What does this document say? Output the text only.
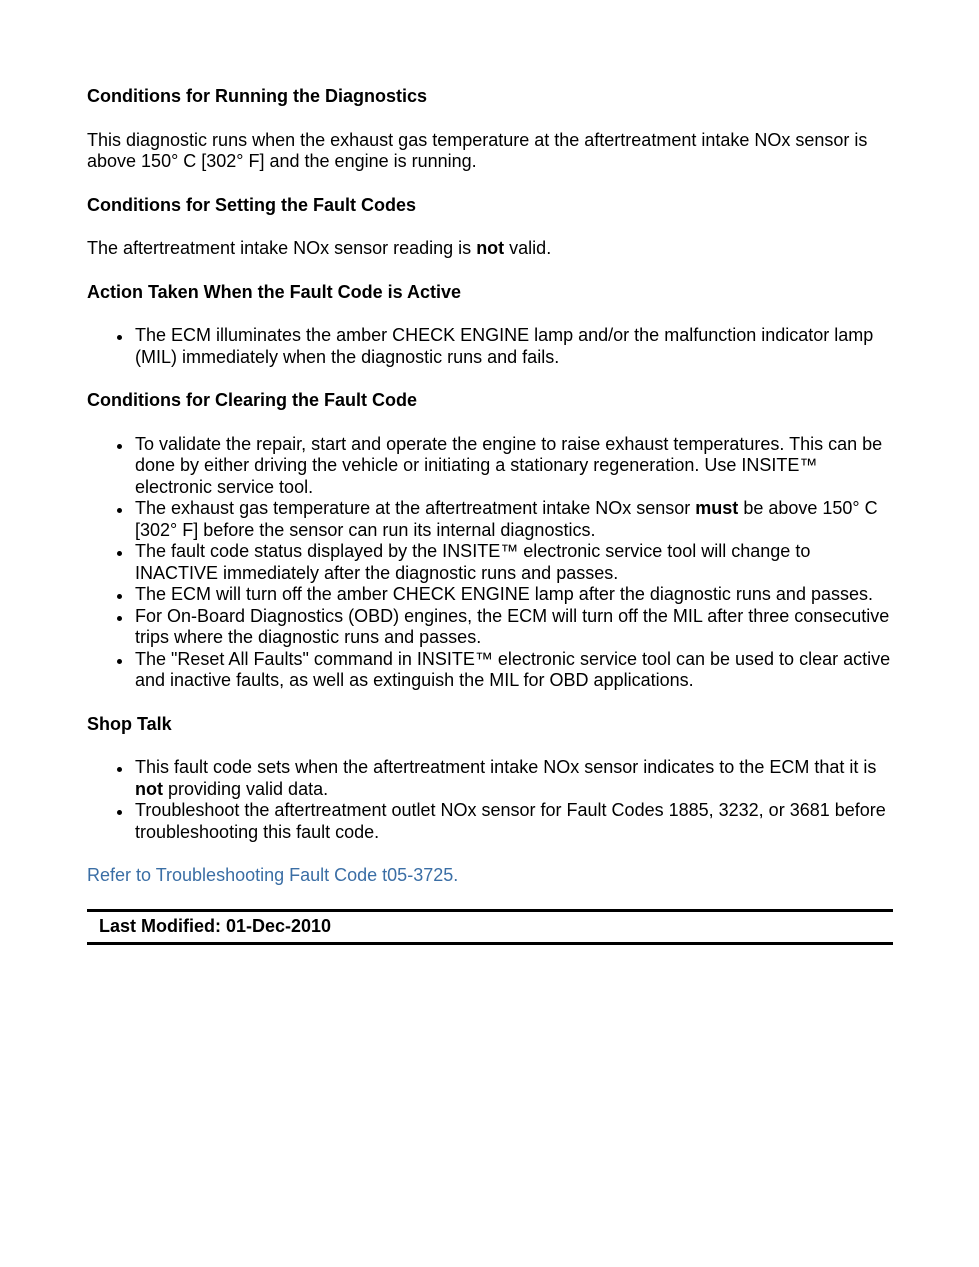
Conditions for Running the Diagnostics

This diagnostic runs when the exhaust gas temperature at the aftertreatment intake NOx sensor is above 150° C [302° F] and the engine is running.

Conditions for Setting the Fault Codes

The aftertreatment intake NOx sensor reading is not valid.

Action Taken When the Fault Code is Active
The ECM illuminates the amber CHECK ENGINE lamp and/or the malfunction indicator lamp (MIL) immediately when the diagnostic runs and fails.
Conditions for Clearing the Fault Code
To validate the repair, start and operate the engine to raise exhaust temperatures. This can be done by either driving the vehicle or initiating a stationary regeneration. Use INSITE™ electronic service tool.
The exhaust gas temperature at the aftertreatment intake NOx sensor must be above 150° C [302° F] before the sensor can run its internal diagnostics.
The fault code status displayed by the INSITE™ electronic service tool will change to INACTIVE immediately after the diagnostic runs and passes.
The ECM will turn off the amber CHECK ENGINE lamp after the diagnostic runs and passes.
For On-Board Diagnostics (OBD) engines, the ECM will turn off the MIL after three consecutive trips where the diagnostic runs and passes.
The "Reset All Faults" command in INSITE™ electronic service tool can be used to clear active and inactive faults, as well as extinguish the MIL for OBD applications.
Shop Talk
This fault code sets when the aftertreatment intake NOx sensor indicates to the ECM that it is not providing valid data.
Troubleshoot the aftertreatment outlet NOx sensor for Fault Codes 1885, 3232, or 3681 before troubleshooting this fault code.

Refer to Troubleshooting Fault Code t05-3725.

Last Modified: 01-Dec-2010
